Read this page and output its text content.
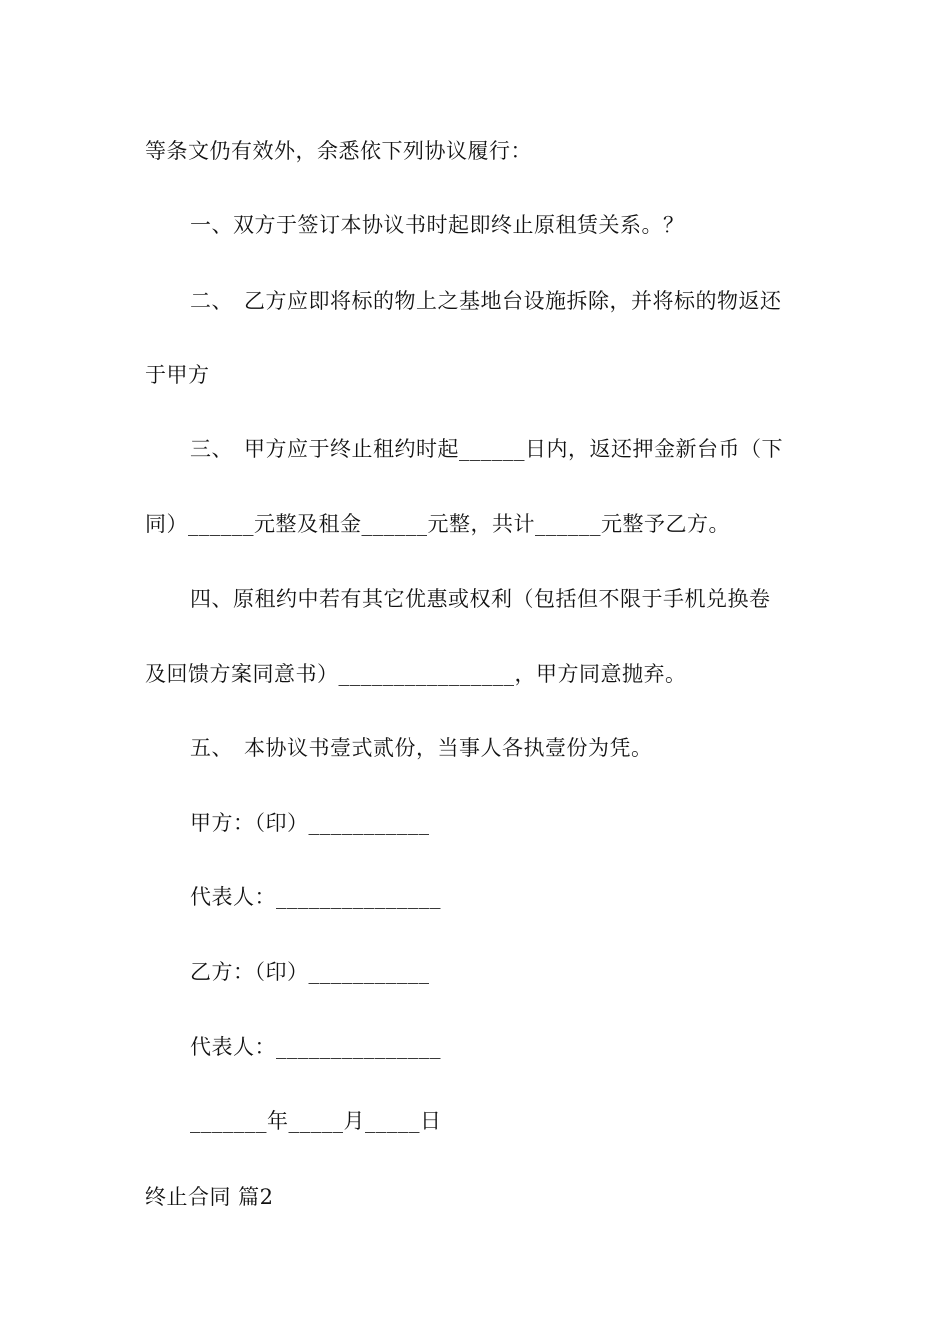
等条文仍有效外，余悉依下列协议履行：

一、双方于签订本协议书时起即终止原租赁关系。？

二、　乙方应即将标的物上之基地台设施拆除，并将标的物返还

于甲方

三、　甲方应于终止租约时起______日内，返还押金新台币（下

同）______元整及租金______元整，共计______元整予乙方。

四、原租约中若有其它优惠或权利（包括但不限于手机兑换卷

及回馈方案同意书）________________，甲方同意抛弃。

五、　本协议书壹式贰份，当事人各执壹份为凭。

甲方：（印）___________

代表人：_______________

乙方：（印）___________

代表人：_______________

_______年_____月_____日

终止合同 篇2
